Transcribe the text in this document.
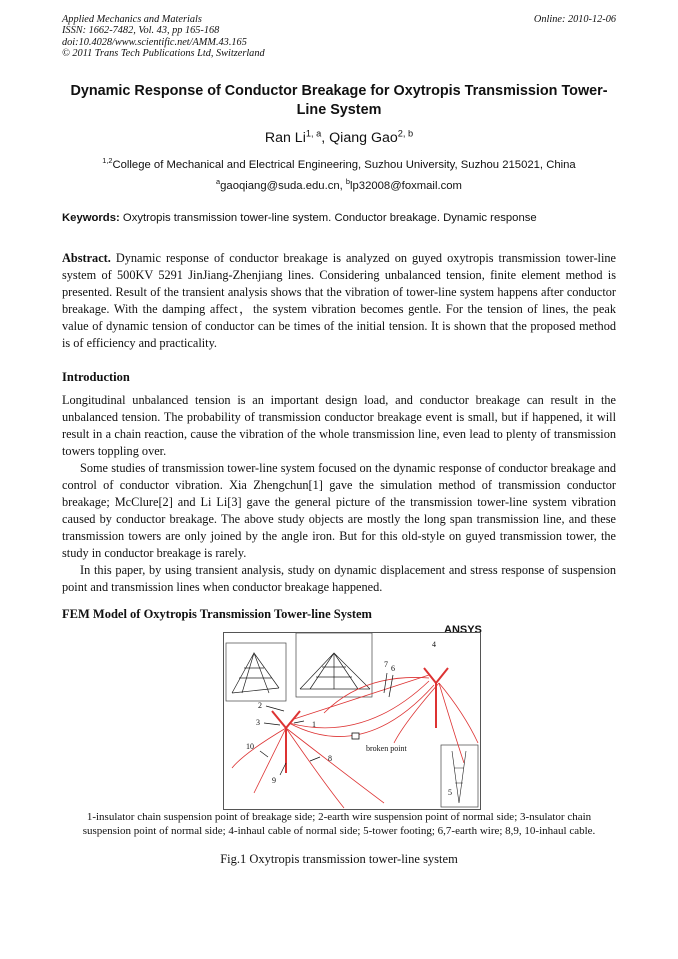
Applied Mechanics and Materials
ISSN: 1662-7482, Vol. 43, pp 165-168
doi:10.4028/www.scientific.net/AMM.43.165
© 2011 Trans Tech Publications Ltd, Switzerland
Online: 2010-12-06
Dynamic Response of Conductor Breakage for Oxytropis Transmission Tower-Line System
Ran Li$^{1, a}$, Qiang Gao$^{2, b}$
$^{1,2}$College of Mechanical and Electrical Engineering, Suzhou University, Suzhou 215021, China
$^a$gaoqiang@suda.edu.cn, $^b$lp32008@foxmail.com
Keywords: Oxytropis transmission tower-line system. Conductor breakage. Dynamic response

Abstract. Dynamic response of conductor breakage is analyzed on guyed oxytropis transmission tower-line system of 500KV 5291 JinJiang-Zhenjiang lines. Considering unbalanced tension, finite element method is presented. Result of the transient analysis shows that the vibration of tower-line system happens after conductor breakage. With the damping affect，the system vibration becomes gentle. For the tension of lines, the peak value of dynamic tension of conductor can be times of the initial tension. It is shown that the proposed method is of efficiency and practicality.

Introduction

Longitudinal unbalanced tension is an important design load, and conductor breakage can result in the unbalanced tension. The probability of transmission conductor breakage event is small, but if happened, it will result in a chain reaction, cause the vibration of the whole transmission line, even lead to plenty of transmission towers toppling over.

Some studies of transmission tower-line system focused on the dynamic response of conductor breakage and control of conductor vibration. Xia Zhengchun[1] gave the simulation method of transmission conductor breakage; McClure[2] and Li Li[3] gave the general picture of the transmission tower-line system vibration caused by conductor breakage. The above study objects are mostly the long span transmission line, and these transmission towers are only joined by the angle iron. But for this old-style on guyed transmission tower, the study in conductor breakage is rarely.

In this paper, by using transient analysis, study on dynamic displacement and stress response of suspension point and transmission lines when conductor breakage happened.

FEM Model of Oxytropis Transmission Tower-line System
ANSYS
2
3	1
4
5
6
7
8
9
10	broken point
1-insulator chain suspension point of breakage side; 2-earth wire suspension point of normal side; 3-nsulator chain suspension point of normal side; 4-inhaul cable of normal side; 5-tower footing; 6,7-earth wire; 8,9, 10-inhaul cable.
Fig.1 Oxytropis transmission tower-line system
